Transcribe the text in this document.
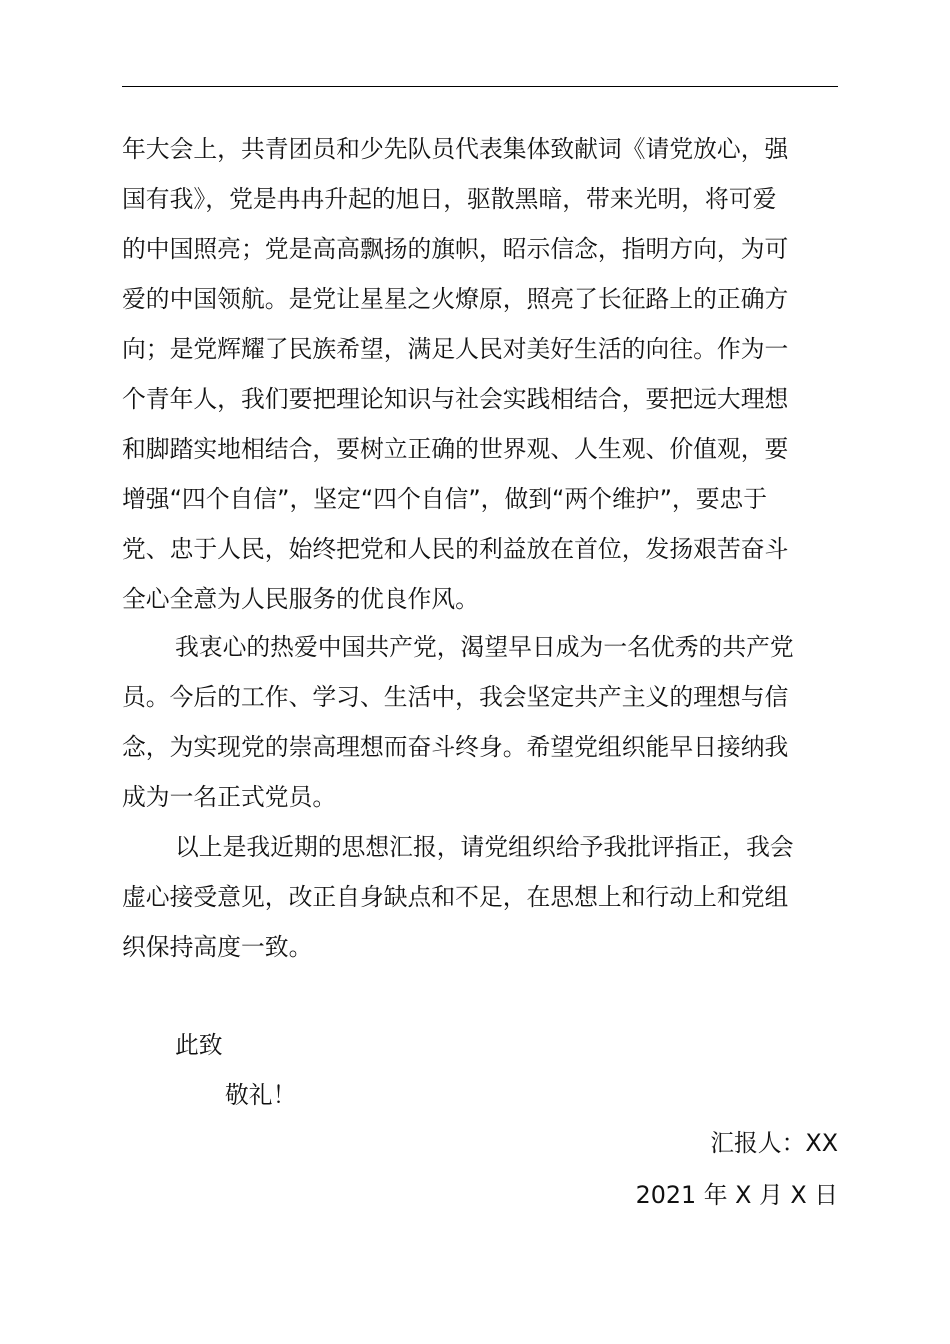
年大会上，共青团员和少先队员代表集体致献词《请党放心，强
国有我》，党是冉冉升起的旭日，驱散黑暗，带来光明，将可爱
的中国照亮；党是高高飘扬的旗帜，昭示信念，指明方向，为可
爱的中国领航。是党让星星之火燎原，照亮了长征路上的正确方
向；是党辉耀了民族希望，满足人民对美好生活的向往。作为一
个青年人，我们要把理论知识与社会实践相结合，要把远大理想
和脚踏实地相结合，要树立正确的世界观、人生观、价值观，要
增强“四个自信”，坚定“四个自信”，做到“两个维护”，要忠于
党、忠于人民，始终把党和人民的利益放在首位，发扬艰苦奋斗
全心全意为人民服务的优良作风。
我衷心的热爱中国共产党，渴望早日成为一名优秀的共产党
员。今后的工作、学习、生活中，我会坚定共产主义的理想与信
念，为实现党的崇高理想而奋斗终身。希望党组织能早日接纳我
成为一名正式党员。
以上是我近期的思想汇报，请党组织给予我批评指正，我会
虚心接受意见，改正自身缺点和不足，在思想上和行动上和党组
织保持高度一致。
此致
敬礼！
汇报人：XX
2021 年 X 月 X 日
